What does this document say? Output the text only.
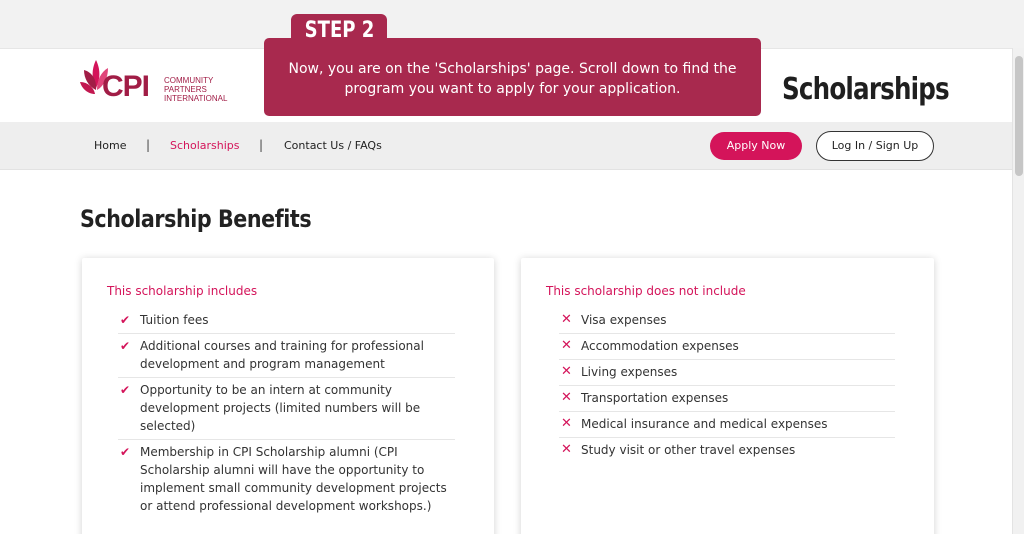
CPI COMMUNITY
PARTNERS
INTERNATIONAL	Scholarships
Home | Scholarships | Contact Us / FAQs	Apply Now	Log In / Sign Up
Scholarship Benefits
This scholarship includes
✔ Tuition fees
✔ Additional courses and training for professional development and program management
✔ Opportunity to be an intern at community development projects (limited numbers will be selected)
✔ Membership in CPI Scholarship alumni (CPI Scholarship alumni will have the opportunity to implement small community development projects or attend professional development workshops.)
This scholarship does not include
✕ Visa expenses
✕ Accommodation expenses
✕ Living expenses
✕ Transportation expenses
✕ Medical insurance and medical expenses
✕ Study visit or other travel expenses
Now, you are on the 'Scholarships' page. Scroll down to find the program you want to apply for your application.
STEP 2
